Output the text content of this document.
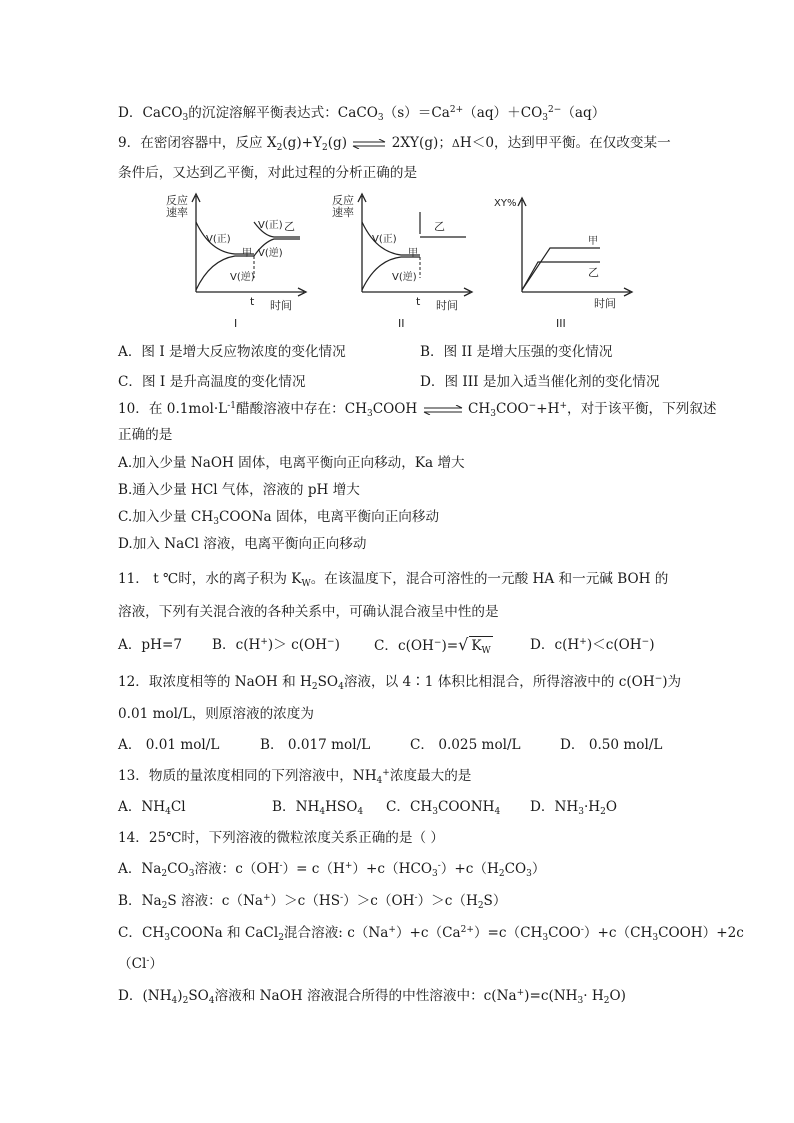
D．CaCO$_3$的沉淀溶解平衡表达式：$CaCO_3(s)=Ca^{2+}(aq)+CO_3^{2-}(aq)$
9．在密闭容器中，反应 $X_2(g)+Y_2(g)$ ⇌ 2XY(g)；ΔH＜0，达到甲平衡。在仅改变某一
条件后，又达到乙平衡，对此过程的分析正确的是
反应
速率
V(正)
V(逆)
V(正)
V(逆)
甲
乙
t 时间
I
反应
速率
V(正)
V(逆)
甲
乙
t 时间
II
XY%
甲
乙
时间
III
A．图 I 是增大反应物浓度的变化情况	B．图 II 是增大压强的变化情况
C．图 I 是升高温度的变化情况	D．图 III 是加入适当催化剂的变化情况
10．在 $0.1mol\cdot L^{-1}$醋酸溶液中存在：$CH_3COOH$ ⇌ $CH_3COO^-+H^+$，对于该平衡，下列叙述
正确的是
A.加入少量 NaOH 固体，电离平衡向正向移动，Ka 增大
B.通入少量 HCl 气体，溶液的 pH 增大
C.加入少量 $CH_3COONa$ 固体，电离平衡向正向移动
D.加入 NaCl 溶液，电离平衡向正向移动
11． t ℃时，水的离子积为 $K_W$。在该温度下，混合可溶性的一元酸 HA 和一元碱 BOH 的
溶液，下列有关混合液的各种关系中，可确认混合液呈中性的是
A．pH=7 B．c(H+)＞ c(OH−)	C．c(OH−)=√ $K_W$	D．c(H+)＜c(OH−)
12．取浓度相等的 NaOH 和 $H_2SO_4$溶液，以 4∶1 体积比相混合，所得溶液中的 c(OH−)为
0.01 mol/L，则原溶液的浓度为
A． 0.01 mol/L	B． 0.017 mol/L	C． 0.025 mol/L	D． 0.50 mol/L
13．物质的量浓度相同的下列溶液中，$NH_4^+$浓度最大的是
A．$NH_4Cl$	B．$NH_4HSO_4$ C．$CH_3COONH_4$ D．$NH_3\cdot H_2O$
14．25℃时，下列溶液的微粒浓度关系正确的是（ ）
A．$Na_2CO_3$溶液：$c(OH^-)= c(H^+)+c(HCO_3^-)+c(H_2CO_3)$
B．$Na_2S$ 溶液：$c(Na^+)>c(HS^-)>c(OH^-)>c(H_2S)$
C．$CH_3COONa$ 和 CaCl$_2$混合溶液: $c(Na^+)+c(Ca^{2+})=c(CH_3COO^-)+c(CH_3COOH)+2c$
（Cl-）
D．$(NH_4)_2SO_4$溶液和 NaOH 溶液混合所得的中性溶液中：$c(Na^+)=c(NH_3\cdot H_2O)$
